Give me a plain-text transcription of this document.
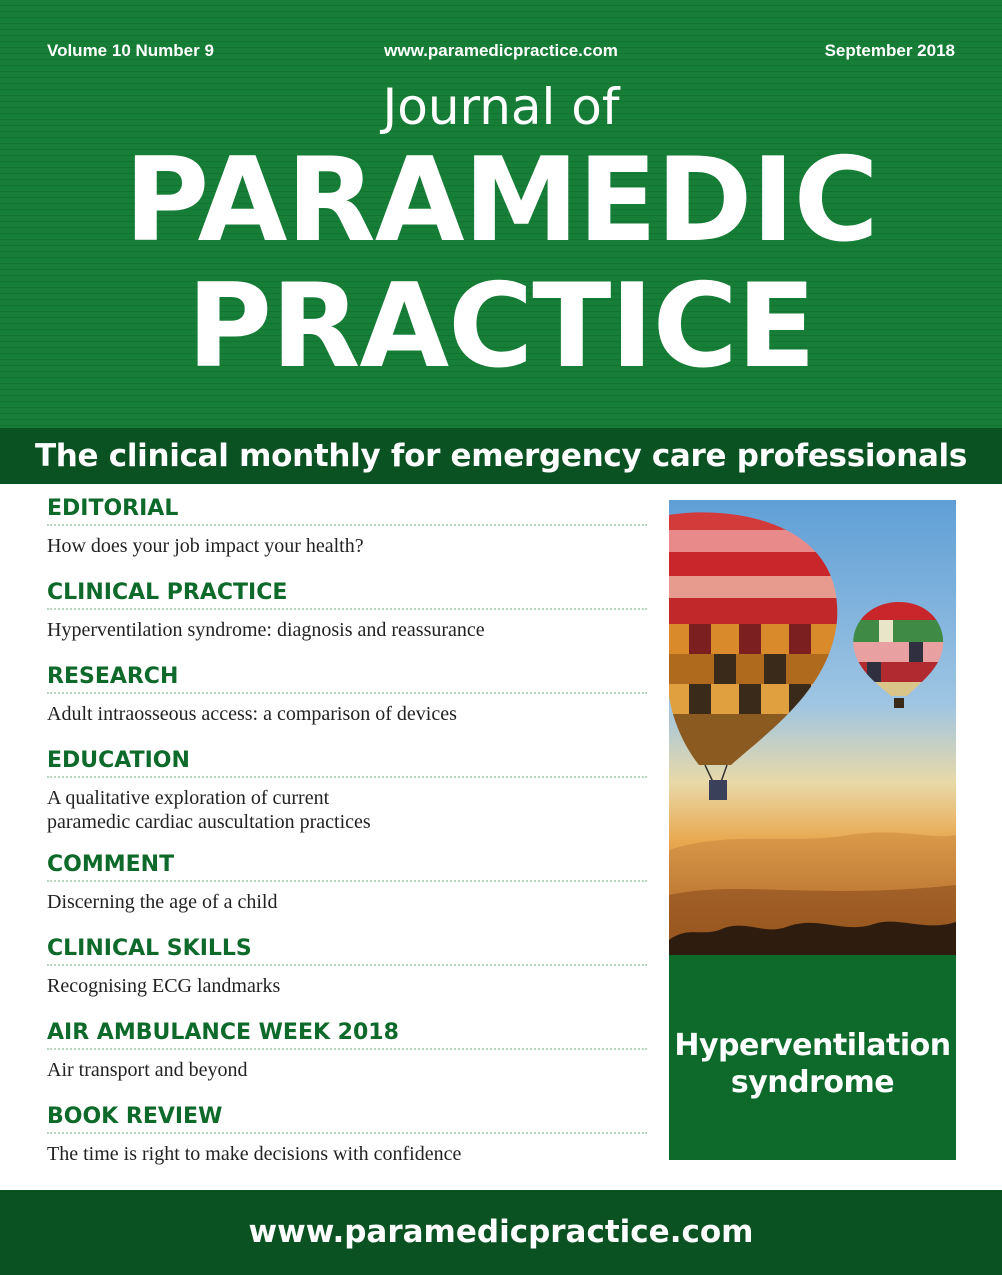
Volume 10 Number 9	www.paramedicpractice.com	September 2018
Journal of
PARAMEDIC
PRACTICE
The clinical monthly for emergency care professionals
EDITORIAL
How does your job impact your health?
CLINICAL PRACTICE
Hyperventilation syndrome: diagnosis and reassurance
RESEARCH
Adult intraosseous access: a comparison of devices
EDUCATION
A qualitative exploration of current
paramedic cardiac auscultation practices
COMMENT
Discerning the age of a child
CLINICAL SKILLS
Recognising ECG landmarks
AIR AMBULANCE WEEK 2018
Air transport and beyond
BOOK REVIEW
The time is right to make decisions with confidence
Hyperventilation
syndrome
www.paramedicpractice.com
